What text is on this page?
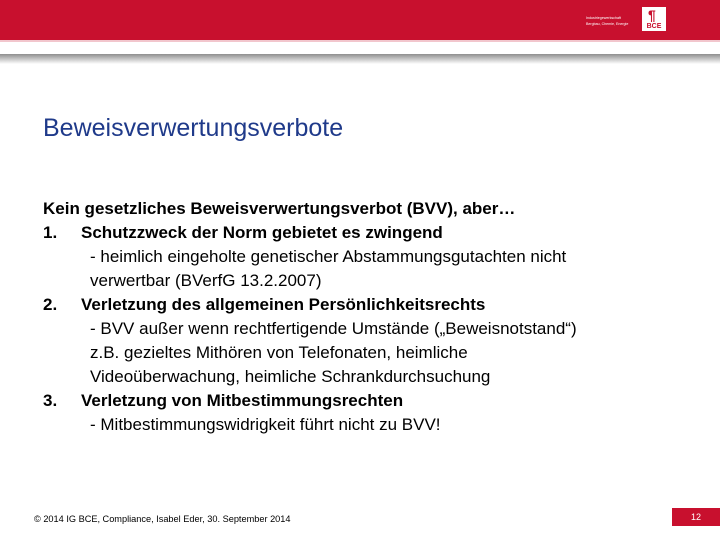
Industriegewerkschaft
Bergbau, Chemie, Energie
¶
BCE
Beweisverwertungsverbote
Kein gesetzliches Beweisverwertungsverbot (BVV), aber…
1. Schutzzweck der Norm gebietet es zwingend
- heimlich eingeholte genetischer Abstammungsgutachten nicht
verwertbar (BVerfG 13.2.2007)
2. Verletzung des allgemeinen Persönlichkeitsrechts
- BVV außer wenn rechtfertigende Umstände („Beweisnotstand“)
z.B. gezieltes Mithören von Telefonaten, heimliche
Videoüberwachung, heimliche Schrankdurchsuchung
3. Verletzung von Mitbestimmungsrechten
- Mitbestimmungswidrigkeit führt nicht zu BVV!
© 2014 IG BCE, Compliance, Isabel Eder, 30. September 2014	12
